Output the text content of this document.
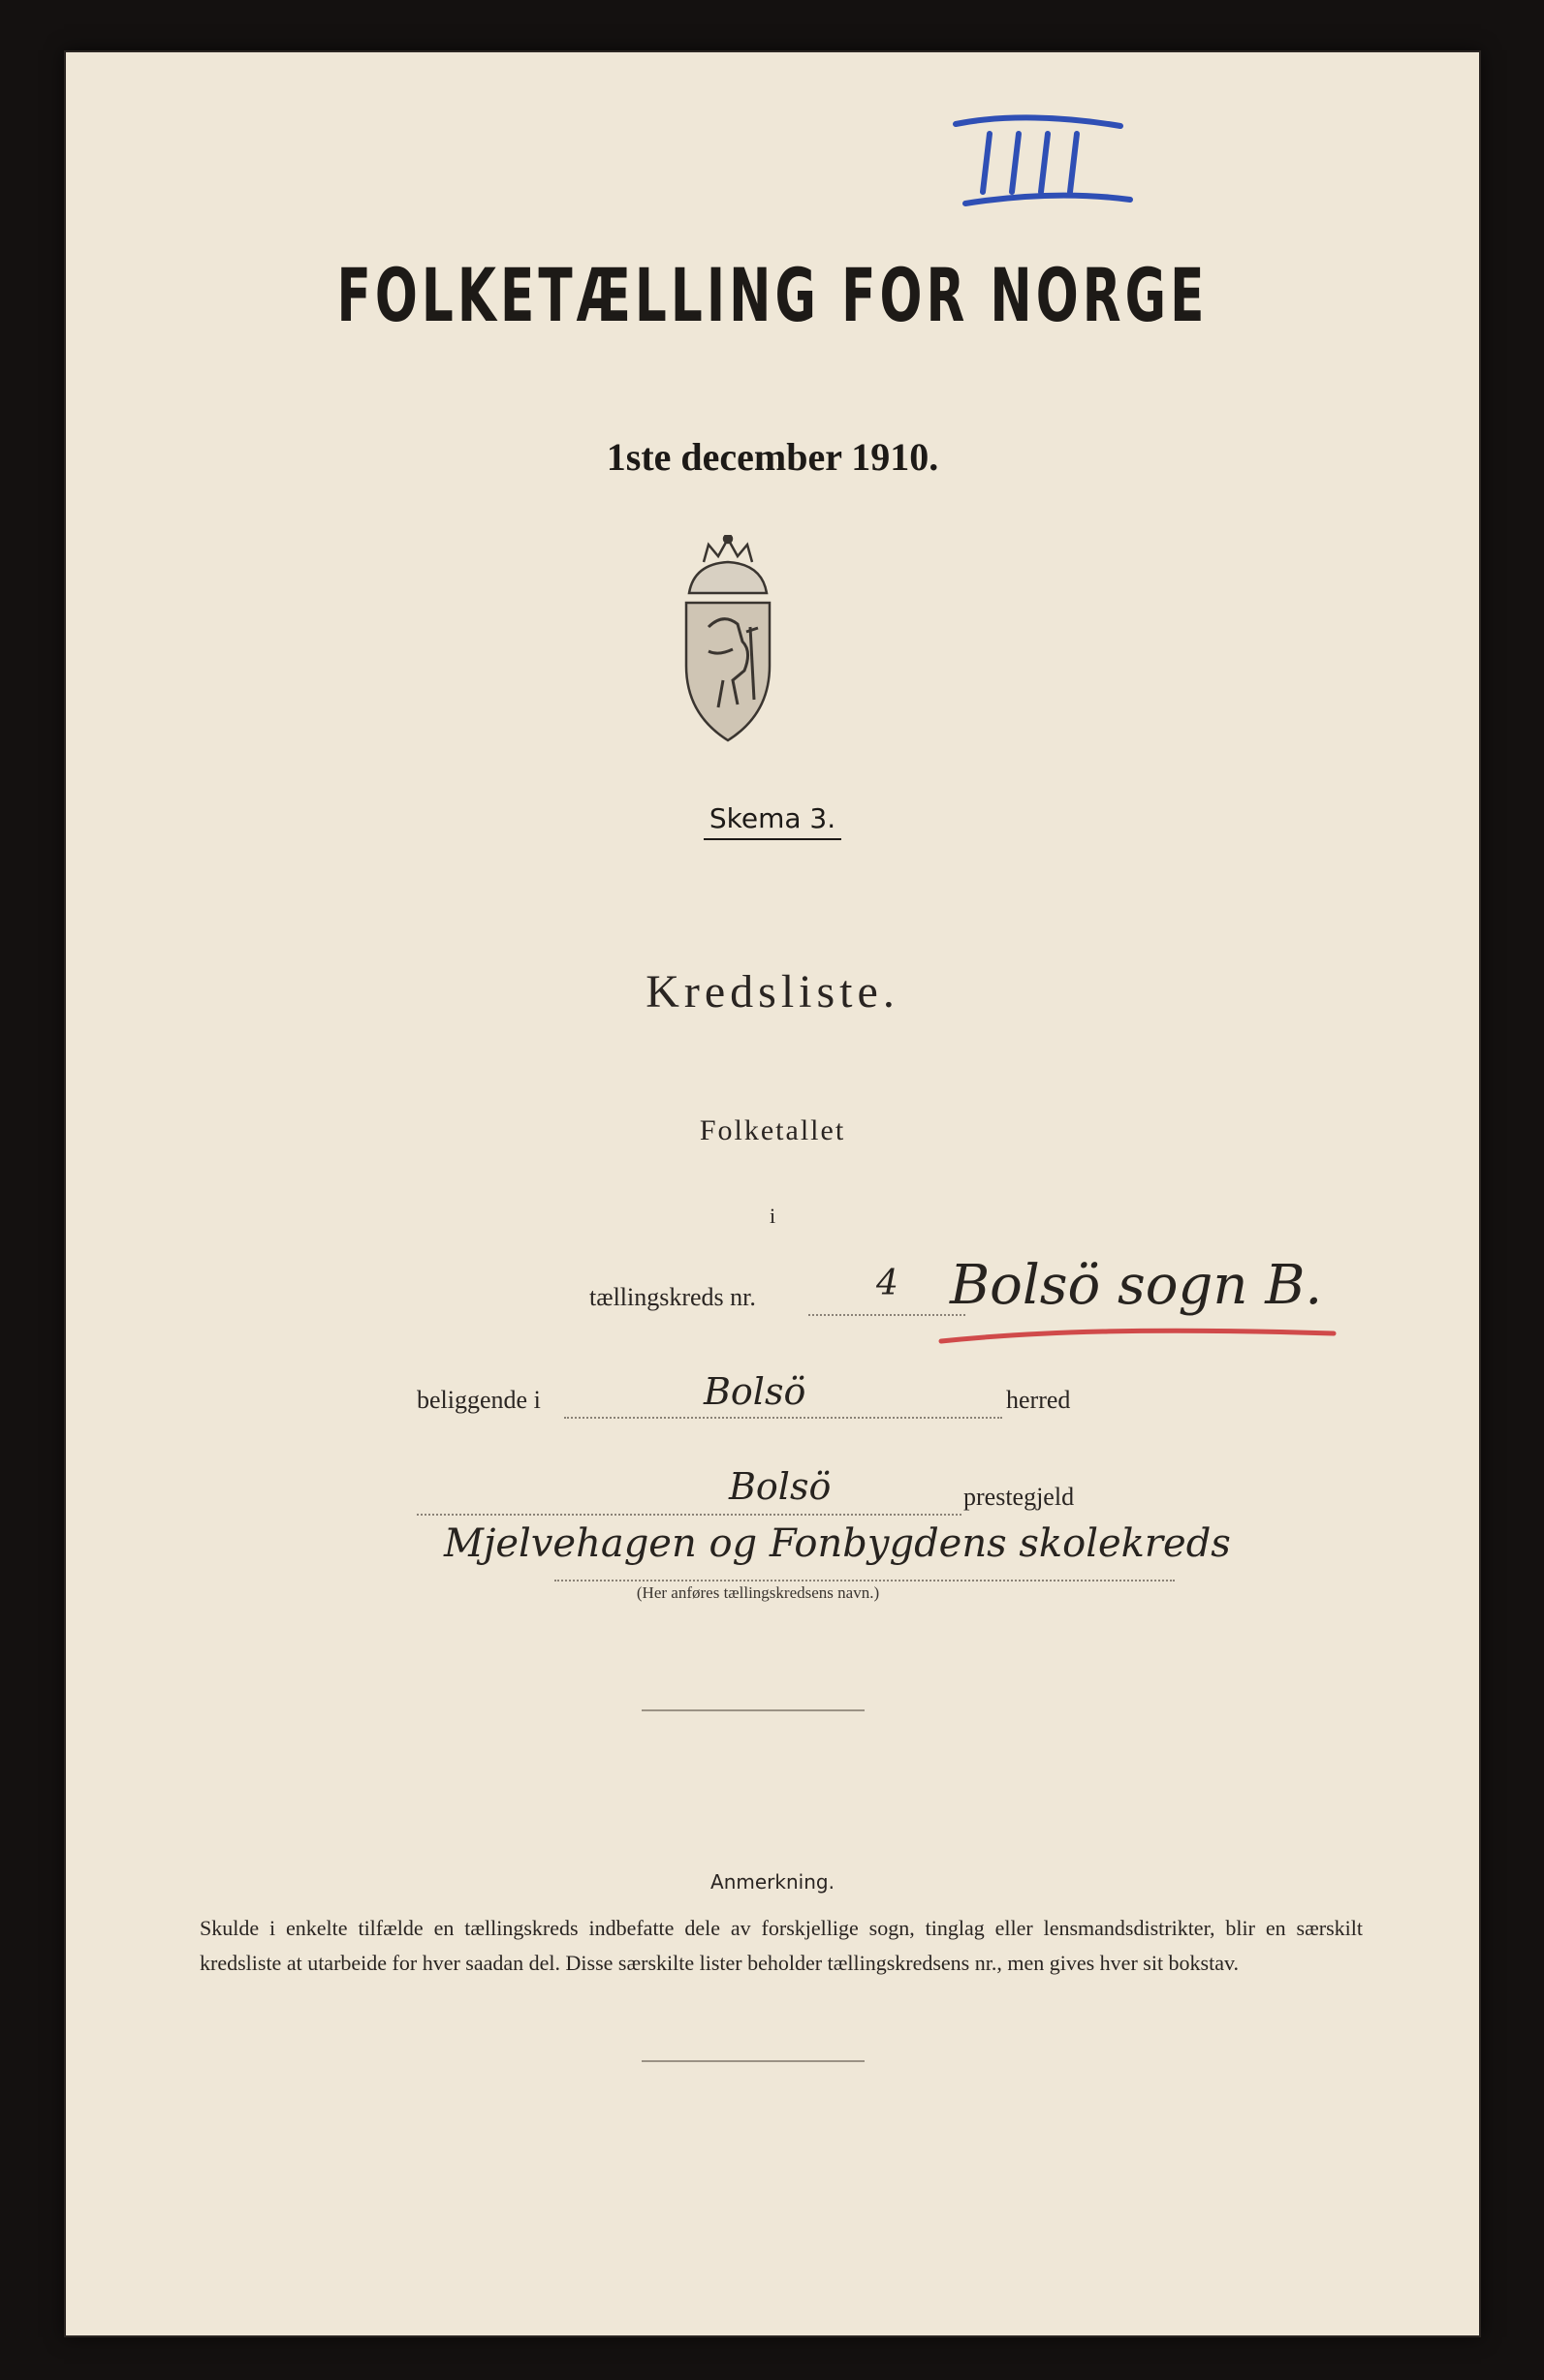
FOLKETÆLLING FOR NORGE
1ste december 1910.
Skema 3.
Kredsliste.
Folketallet
i
tællingskreds nr.	4 Bolsö sogn B.
beliggende i	Bolsö	herred
Bolsö	prestegjeld
Mjelvehagen og Fonbygdens skolekreds
(Her anføres tællingskredsens navn.)
Anmerkning.
Skulde i enkelte tilfælde en tællingskreds indbefatte dele av forskjellige sogn, tinglag eller lensmandsdistrikter, blir en særskilt kredsliste at utarbeide for hver saadan del. Disse særskilte lister beholder tællingskredsens nr., men gives hver sit bokstav.
